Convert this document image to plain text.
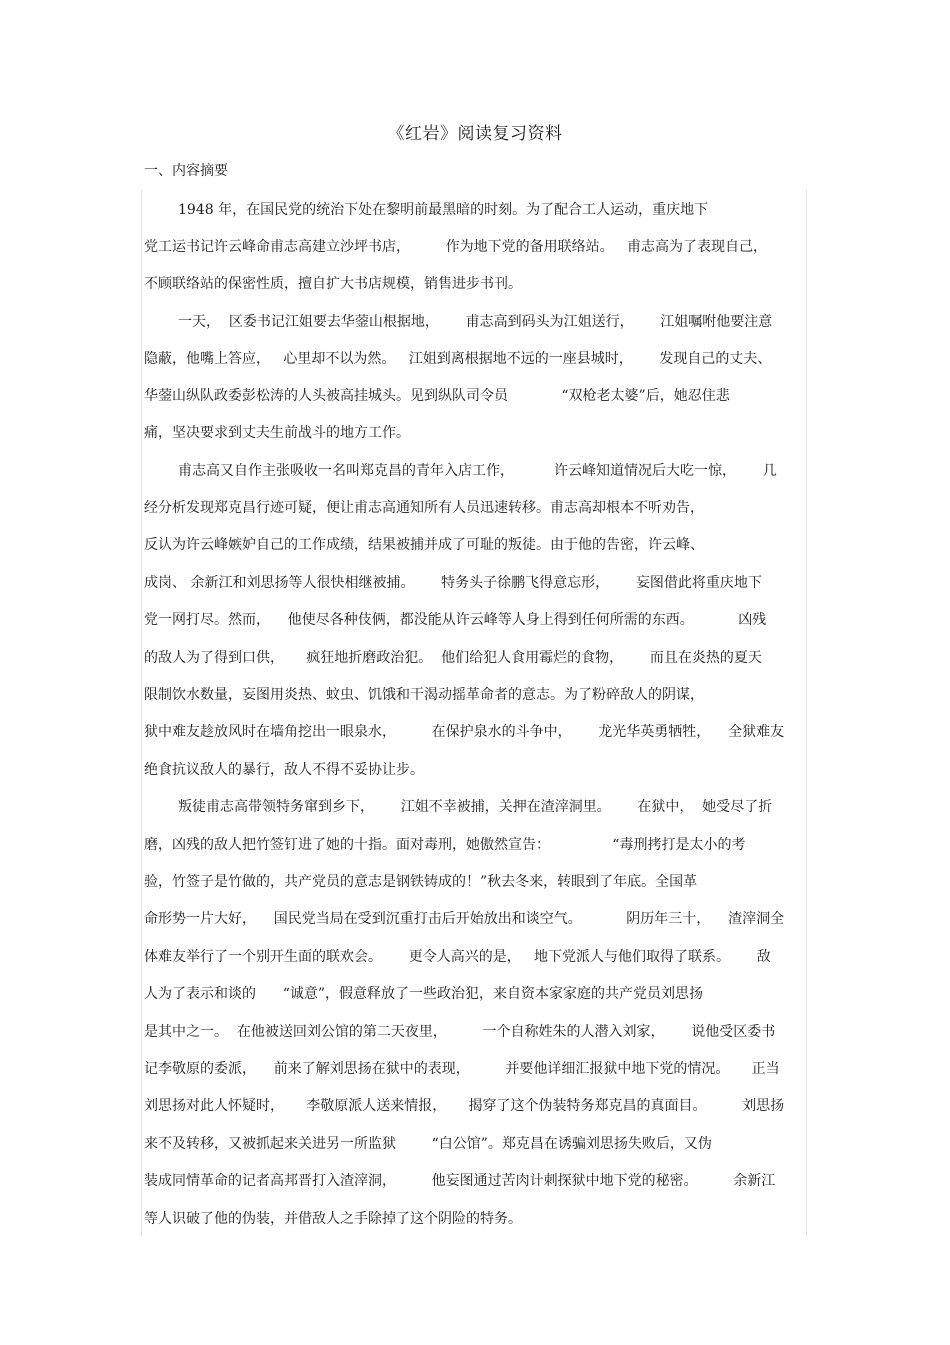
《红岩》阅读复习资料
一、内容摘要
1948 年，在国民党的统治下处在黎明前最黑暗的时刻。为了配合工人运动，重庆地下
党工运书记许云峰命甫志高建立沙坪书店，        作为地下党的备用联络站。   甫志高为了表现自己，
不顾联络站的保密性质，擅自扩大书店规模，销售进步书刊。
一天，  区委书记江姐要去华蓥山根据地，      甫志高到码头为江姐送行，      江姐嘱咐他要注意
隐蔽，他嘴上答应，   心里却不以为然。   江姐到离根据地不远的一座县城时，      发现自己的丈夫、
华蓥山纵队政委彭松涛的人头被高挂城头。见到纵队司令员            “双枪老太婆”后，她忍住悲
痛，坚决要求到丈夫生前战斗的地方工作。
甫志高又自作主张吸收一名叫郑克昌的青年入店工作，         许云峰知道情况后大吃一惊，      几
经分析发现郑克昌行迹可疑，便让甫志高通知所有人员迅速转移。甫志高却根本不听劝告，
反认为许云峰嫉妒自己的工作成绩，结果被捕并成了可耻的叛徒。由于他的告密，许云峰、
成岗、 余新江和刘思扬等人很快相继被捕。      特务头子徐鹏飞得意忘形，      妄图借此将重庆地下
党一网打尽。然而，    他使尽各种伎俩，都没能从许云峰等人身上得到任何所需的东西。          凶残
的敌人为了得到口供，     疯狂地折磨政治犯。  他们给犯人食用霉烂的食物，      而且在炎热的夏天
限制饮水数量，妄图用炎热、蚊虫、饥饿和干渴动摇革命者的意志。为了粉碎敌人的阴谋，
狱中难友趁放风时在墙角挖出一眼泉水，        在保护泉水的斗争中，      龙光华英勇牺牲，    全狱难友
绝食抗议敌人的暴行，敌人不得不妥协让步。
叛徒甫志高带领特务窜到乡下，      江姐不幸被捕，关押在渣滓洞里。      在狱中，  她受尽了折
磨，凶残的敌人把竹签钉进了她的十指。面对毒刑，她傲然宣告：              “毒刑拷打是太小的考
验，竹签子是竹做的，共产党员的意志是钢铁铸成的！”秋去冬来，转眼到了年底。全国革
命形势一片大好，    国民党当局在受到沉重打击后开始放出和谈空气。          阴历年三十，    渣滓洞全
体难友举行了一个别开生面的联欢会。      更令人高兴的是，   地下党派人与他们取得了联系。      敌
人为了表示和谈的      “诚意”，假意释放了一些政治犯，来自资本家家庭的共产党员刘思扬
是其中之一。  在他被送回刘公馆的第二天夜里，        一个自称姓朱的人潜入刘家，      说他受区委书
记李敬原的委派，    前来了解刘思扬在狱中的表现，        并要他详细汇报狱中地下党的情况。     正当
刘思扬对此人怀疑时，     李敬原派人送来情报，     揭穿了这个伪装特务郑克昌的真面目。        刘思扬
来不及转移，又被抓起来关进另一所监狱        “白公馆”。郑克昌在诱骗刘思扬失败后，又伪
装成同情革命的记者高邦晋打入渣滓洞，        他妄图通过苦肉计刺探狱中地下党的秘密。        余新江
等人识破了他的伪装，并借敌人之手除掉了这个阴险的特务。
